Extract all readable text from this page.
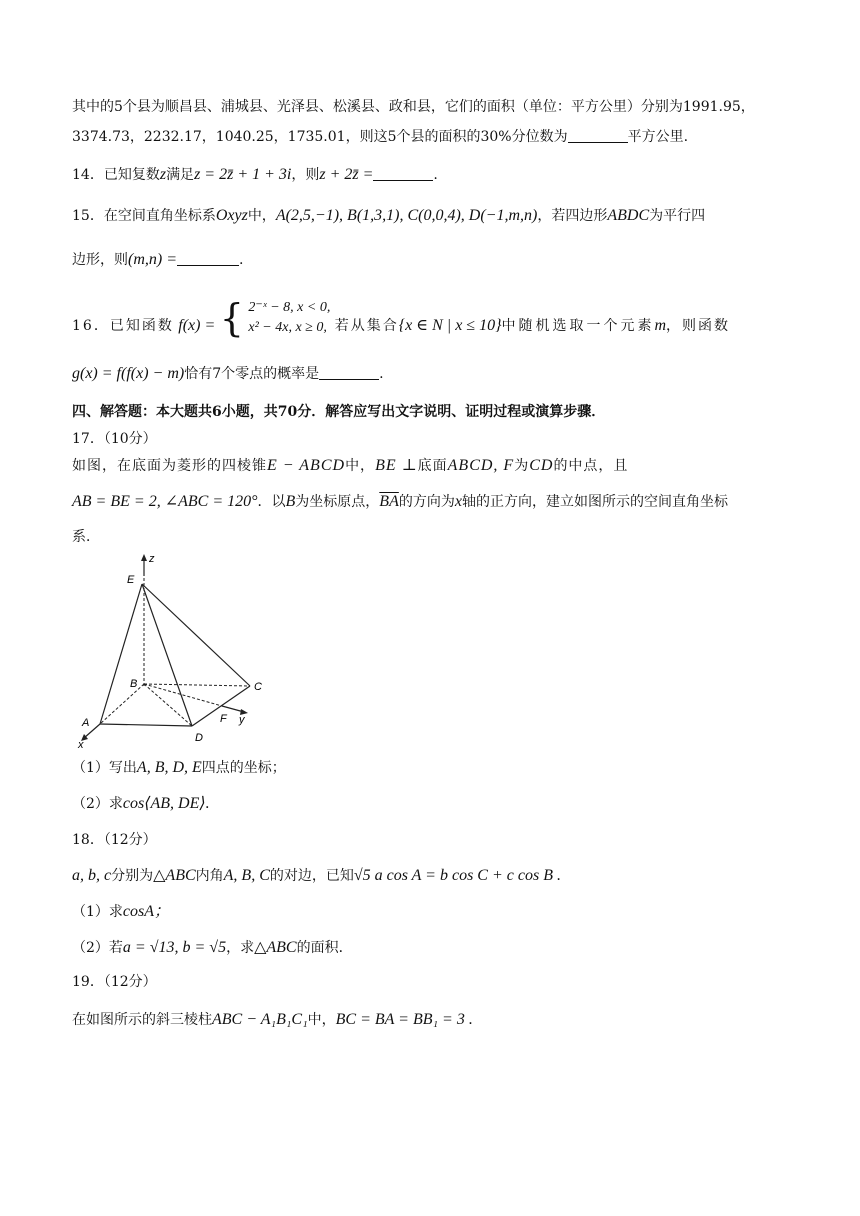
其中的5个县为顺昌县、浦城县、光泽县、松溪县、政和县，它们的面积（单位：平方公里）分别为1991.95，
3374.73，2232.17，1040.25，1735.01，则这5个县的面积的30%分位数为	平方公里.
14．已知复数z满足z = 2z̄ + 1 + 3i，则z + 2z̄ =	.
15．在空间直角坐标系Oxyz中，A(2,5,−1), B(1,3,1), C(0,0,4), D(−1,m,n)，若四边形ABDC为平行四
边形，则(m,n) =	.
16．已知函数 f(x) = { 2⁻ˣ − 8, x < 0,
x² − 4x, x ≥ 0, 若从集合{x ∈ N | x ≤ 10}中随机选取一个元素m，则函数
g(x) = f(f(x) − m)恰有7个零点的概率是	.
四、解答题：本大题共6小题，共70分．解答应写出文字说明、证明过程或演算步骤．
17．（10分）
如图，在底面为菱形的四棱锥E − ABCD中，BE ⊥底面ABCD, F为CD的中点，且
AB = BE = 2, ∠ABC = 120°．以B为坐标原点，$\overline{BA}$的方向为x轴的正方向，建立如图所示的空间直角坐标
系．
z
E
B	C
A
D
F y
x
（1）写出A, B, D, E四点的坐标；
（2）求cos⟨AB, DE⟩.
18．（12分）
a, b, c分别为△ABC内角A, B, C的对边，已知√5 a cos A = b cos C + c cos B .
（1）求cosA；
（2）若a = √13, b = √5，求△ABC的面积．
19．（12分）
在如图所示的斜三棱柱ABC − A₁B₁C₁中，BC = BA = BB₁ = 3 .
